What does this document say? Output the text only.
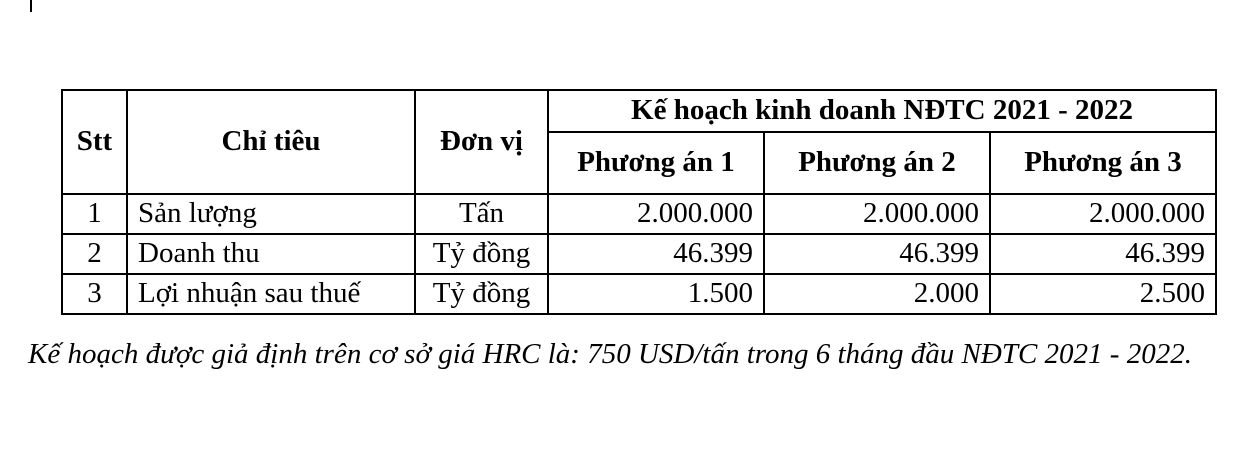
Stt	Chỉ tiêu	Đơn vị	Kế hoạch kinh doanh NĐTC 2021 - 2022		
			Phương án 1	Phương án 2	Phương án 3
1	Sản lượng	Tấn	2.000.000	2.000.000	2.000.000
2	Doanh thu	Tỷ đồng	46.399	46.399	46.399
3	Lợi nhuận sau thuế	Tỷ đồng	1.500	2.000	2.500

Kế hoạch được giả định trên cơ sở giá HRC là: 750 USD/tấn trong 6 tháng đầu NĐTC 2021 - 2022.
